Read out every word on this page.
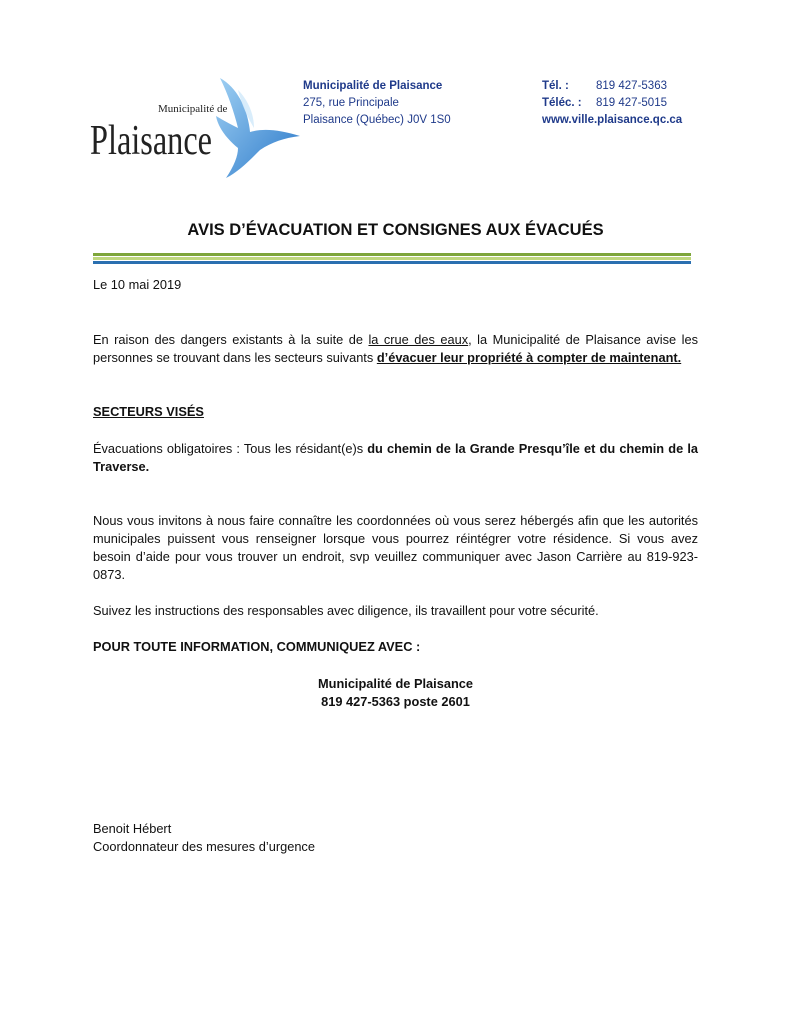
Municipalité de
Plaisance
Municipalité de Plaisance
275, rue Principale
Plaisance (Québec) J0V 1S0
Tél. :	819 427-5363
Téléc. :	819 427-5015
www.ville.plaisance.qc.ca
AVIS D’ÉVACUATION ET CONSIGNES AUX ÉVACUÉS
Le 10 mai 2019
En raison des dangers existants à la suite de la crue des eaux, la Municipalité de Plaisance avise les personnes se trouvant dans les secteurs suivants d’évacuer leur propriété à compter de maintenant.
SECTEURS VISÉS
Évacuations obligatoires : Tous les résidant(e)s du chemin de la Grande Presqu’île et du chemin de la Traverse.
Nous vous invitons à nous faire connaître les coordonnées où vous serez hébergés afin que les autorités municipales puissent vous renseigner lorsque vous pourrez réintégrer votre résidence. Si vous avez besoin d’aide pour vous trouver un endroit, svp veuillez communiquer avec Jason Carrière au 819-923-0873.
Suivez les instructions des responsables avec diligence, ils travaillent pour votre sécurité.
POUR TOUTE INFORMATION, COMMUNIQUEZ AVEC :
Municipalité de Plaisance
819 427-5363 poste 2601
Benoit Hébert
Coordonnateur des mesures d’urgence
